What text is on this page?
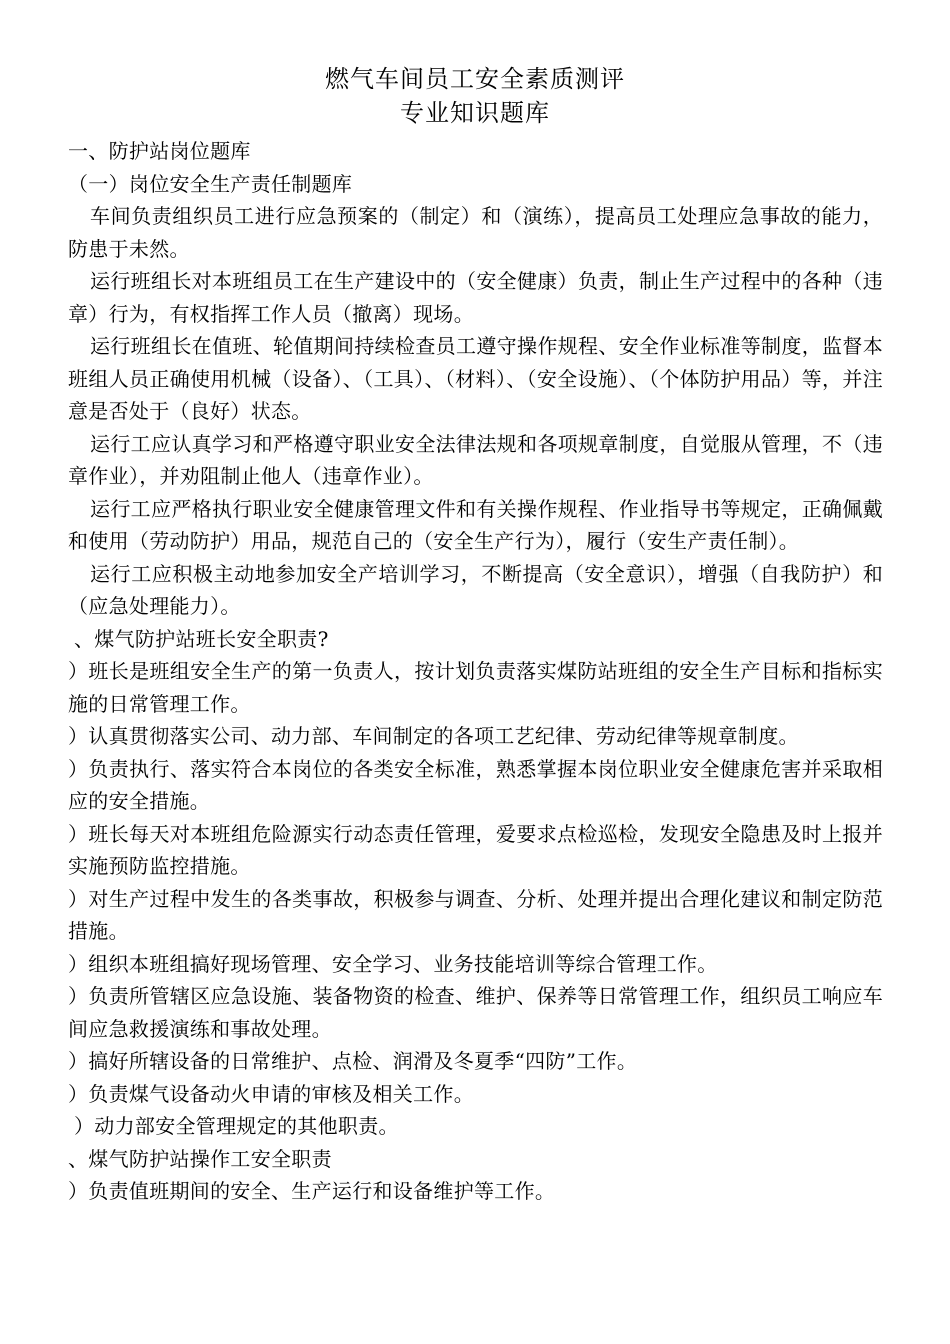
燃气车间员工安全素质测评
专业知识题库

一、防护站岗位题库

（一）岗位安全生产责任制题库

车间负责组织员工进行应急预案的（制定）和（演练），提高员工处理应急事故的能力，防患于未然。

运行班组长对本班组员工在生产建设中的（安全健康）负责，制止生产过程中的各种（违章）行为，有权指挥工作人员（撤离）现场。

运行班组长在值班、轮值期间持续检查员工遵守操作规程、安全作业标准等制度，监督本班组人员正确使用机械（设备）、（工具）、（材料）、（安全设施）、（个体防护用品）等，并注意是否处于（良好）状态。

运行工应认真学习和严格遵守职业安全法律法规和各项规章制度，自觉服从管理，不（违章作业），并劝阻制止他人（违章作业）。

运行工应严格执行职业安全健康管理文件和有关操作规程、作业指导书等规定，正确佩戴和使用（劳动防护）用品，规范自己的（安全生产行为），履行（安生产责任制）。

运行工应积极主动地参加安全产培训学习，不断提高（安全意识），增强（自我防护）和（应急处理能力）。

、煤气防护站班长安全职责?

）班长是班组安全生产的第一负责人，按计划负责落实煤防站班组的安全生产目标和指标实施的日常管理工作。

）认真贯彻落实公司、动力部、车间制定的各项工艺纪律、劳动纪律等规章制度。

）负责执行、落实符合本岗位的各类安全标准，熟悉掌握本岗位职业安全健康危害并采取相应的安全措施。

）班长每天对本班组危险源实行动态责任管理，爱要求点检巡检，发现安全隐患及时上报并实施预防监控措施。

）对生产过程中发生的各类事故，积极参与调查、分析、处理并提出合理化建议和制定防范措施。

）组织本班组搞好现场管理、安全学习、业务技能培训等综合管理工作。

）负责所管辖区应急设施、装备物资的检查、维护、保养等日常管理工作，组织员工响应车间应急救援演练和事故处理。

）搞好所辖设备的日常维护、点检、润滑及冬夏季“四防”工作。

）负责煤气设备动火申请的审核及相关工作。

）动力部安全管理规定的其他职责。

、煤气防护站操作工安全职责

）负责值班期间的安全、生产运行和设备维护等工作。
